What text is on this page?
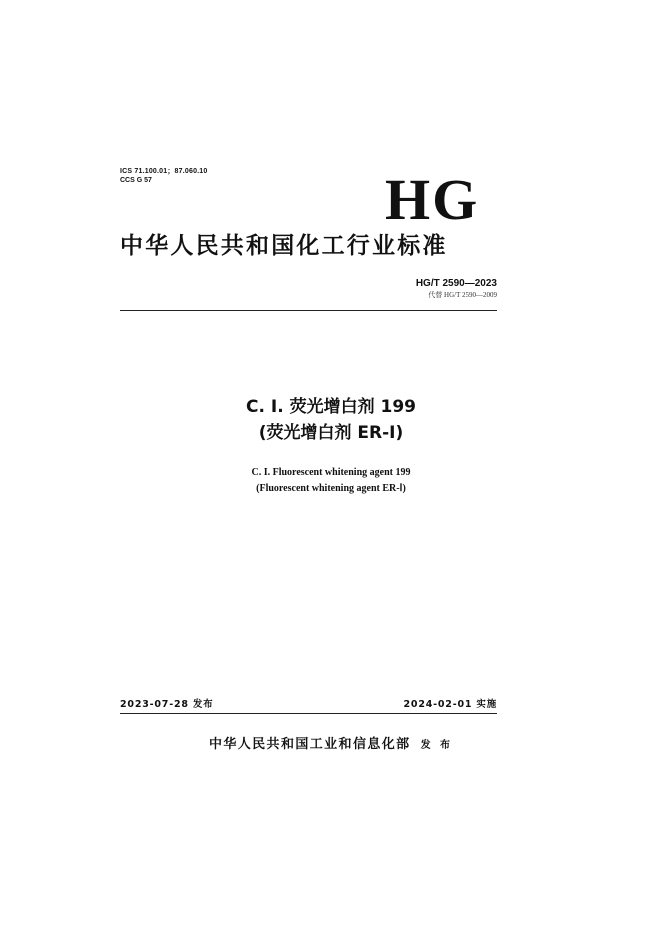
ICS 71.100.01；87.060.10
CCS G 57	HG
中华人民共和国化工行业标准
HG/T 2590—2023
代替 HG/T 2590—2009
C. I. 荧光增白剂 199
(荧光增白剂 ER-Ⅰ)
C. I. Fluorescent whitening agent 199
(Fluorescent whitening agent ER-Ⅰ)
2023-07-28 发布	2024-02-01 实施
中华人民共和国工业和信息化部 发 布
